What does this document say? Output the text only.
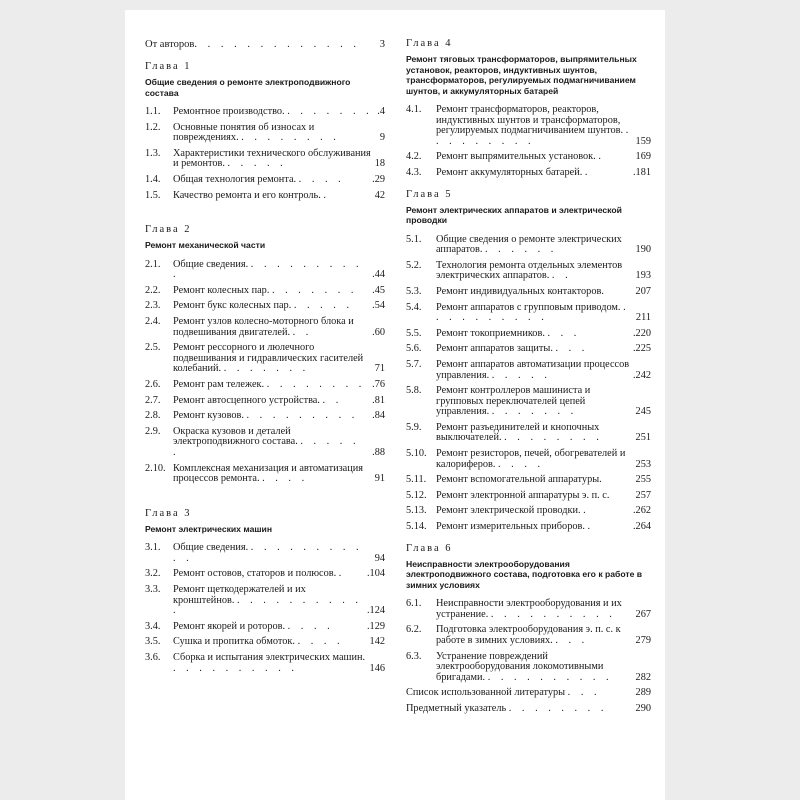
От авторов . . . . . . . . . . . . .	3
Глава 1
Общие сведения о ремонте электроподвижного состава
1.1.	Ремонтное производство. . . . . . . . .4
1.2.	Основные понятия об износах и повреждениях. . . . . . . . .	9
1.3.	Характеристики технического обслуживания и ремонтов. . . . . .	18
1.4.	Общая технология ремонта. . . . .	.29
1.5.	Качество ремонта и его контроль. .	42
Глава 2
Ремонт механической части
2.1.	Общие сведения. . . . . . . . . . .	.44
2.2.	Ремонт колесных пар. . . . . . . .	.45
2.3.	Ремонт букс колесных пар. . . . . .	.54
2.4.	Ремонт узлов колесно-моторного блока и подвешивания двигателей. . .	.60
2.5.	Ремонт рессорного и люлечного подвешивания и гидравлических гасителей колебаний. . . . . . . .	71
2.6.	Ремонт рам тележек. . . . . . . . . .76
2.7.	Ремонт автосцепного устройства. . .	.81
2.8.	Ремонт кузовов. . . . . . . . . .	.84
2.9.	Окраска кузовов и деталей электроподвижного состава. . . . . . .	.88
2.10. Комплексная механизация и автоматизация процессов ремонта. . . . .	91
Глава 3
Ремонт электрических машин
3.1.	Общие сведения. . . . . . . . . . . .	94
3.2.	Ремонт остовов, статоров и полюсов. .	.104
3.3.	Ремонт щеткодержателей и их кронштейнов. . . . . . . . . . . .	.124
3.4.	Ремонт якорей и роторов. . . . .	.129
3.5.	Сушка и пропитка обмоток. . . . .	142
3.6.	Сборка и испытания электрических машин. . . . . . . . . . .	146
Глава 4
Ремонт тяговых трансформаторов, выпрямительных установок, реакторов, индуктивных шунтов, трансформаторов, регулируемых подмагничиванием шунтов, и аккумуляторных батарей
4.1.	Ремонт трансформаторов, реакторов, индуктивных шунтов и трансформаторов, регулируемых подмагничиванием шунтов. . . . . . . . . .	159
4.2.	Ремонт выпрямительных установок. .	169
4.3.	Ремонт аккумуляторных батарей. .	.181
Глава 5
Ремонт электрических аппаратов и электрической проводки
5.1.	Общие сведения о ремонте электрических аппаратов. . . . . . .	190
5.2.	Технология ремонта отдельных элементов электрических аппаратов. . .	193
5.3.	Ремонт индивидуальных контакторов.	207
5.4.	Ремонт аппаратов с групповым приводом. . . . . . . . . . .	211
5.5.	Ремонт токоприемников. . . .	.220
5.6.	Ремонт аппаратов защиты. . . .	.225
5.7.	Ремонт аппаратов автоматизации процессов управления. . . . . .	.242
5.8.	Ремонт контроллеров машиниста и групповых переключателей цепей управления. . . . . . . .	245
5.9.	Ремонт разъединителей и кнопочных выключателей. . . . . . . . .	251
5.10. Ремонт резисторов, печей, обогревателей и калориферов. . . . .	253
5.11. Ремонт вспомогательной аппаратуры.	255
5.12. Ремонт электронной аппаратуры э. п. с.	257
5.13. Ремонт электрической проводки. .	.262
5.14. Ремонт измерительных приборов. .	.264
Глава 6
Неисправности электрооборудования электроподвижного состава, подготовка его к работе в зимних условиях
6.1.	Неисправности электрооборудования и их устранение. . . . . . . . . . .	267
6.2.	Подготовка электрооборудования э. п. с. к работе в зимних условиях. . . .	279
6.3.	Устранение повреждений электрооборудования локомотивными бригадами. . . . . . . . . . .	282
Список использованной литературы . . .	289
Предметный указатель . . . . . . . .	290
